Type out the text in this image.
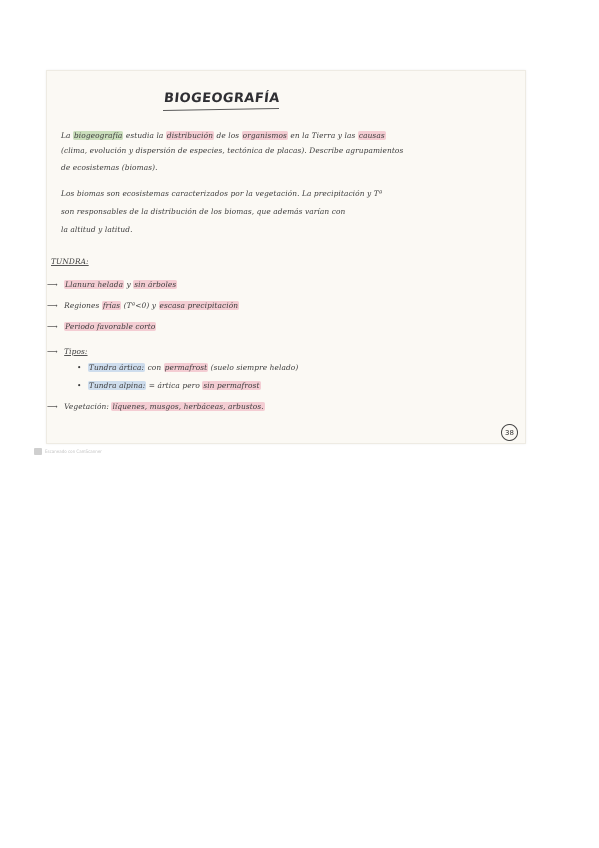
BIOGEOGRAFÍA
La biogeografía estudia la distribución de los organismos en la Tierra y las causas
(clima, evolución y dispersión de especies, tectónica de placas). Describe agrupamientos
de ecosistemas (biomas).
Los biomas son ecosistemas caracterizados por la vegetación. La precipitación y Tª
son responsables de la distribución de los biomas, que además varían con
la altitud y latitud.
TUNDRA:
⟶ Llanura helada y sin árboles
⟶ Regiones frías (Tª<0) y escasa precipitación
⟶ Periodo favorable corto
⟶ Tipos:
• Tundra ártica: con permafrost (suelo siempre helado)
• Tundra alpina: = ártica pero sin permafrost
⟶ Vegetación: líquenes, musgos, herbáceas, arbustos.
38
Escaneado con CamScanner
